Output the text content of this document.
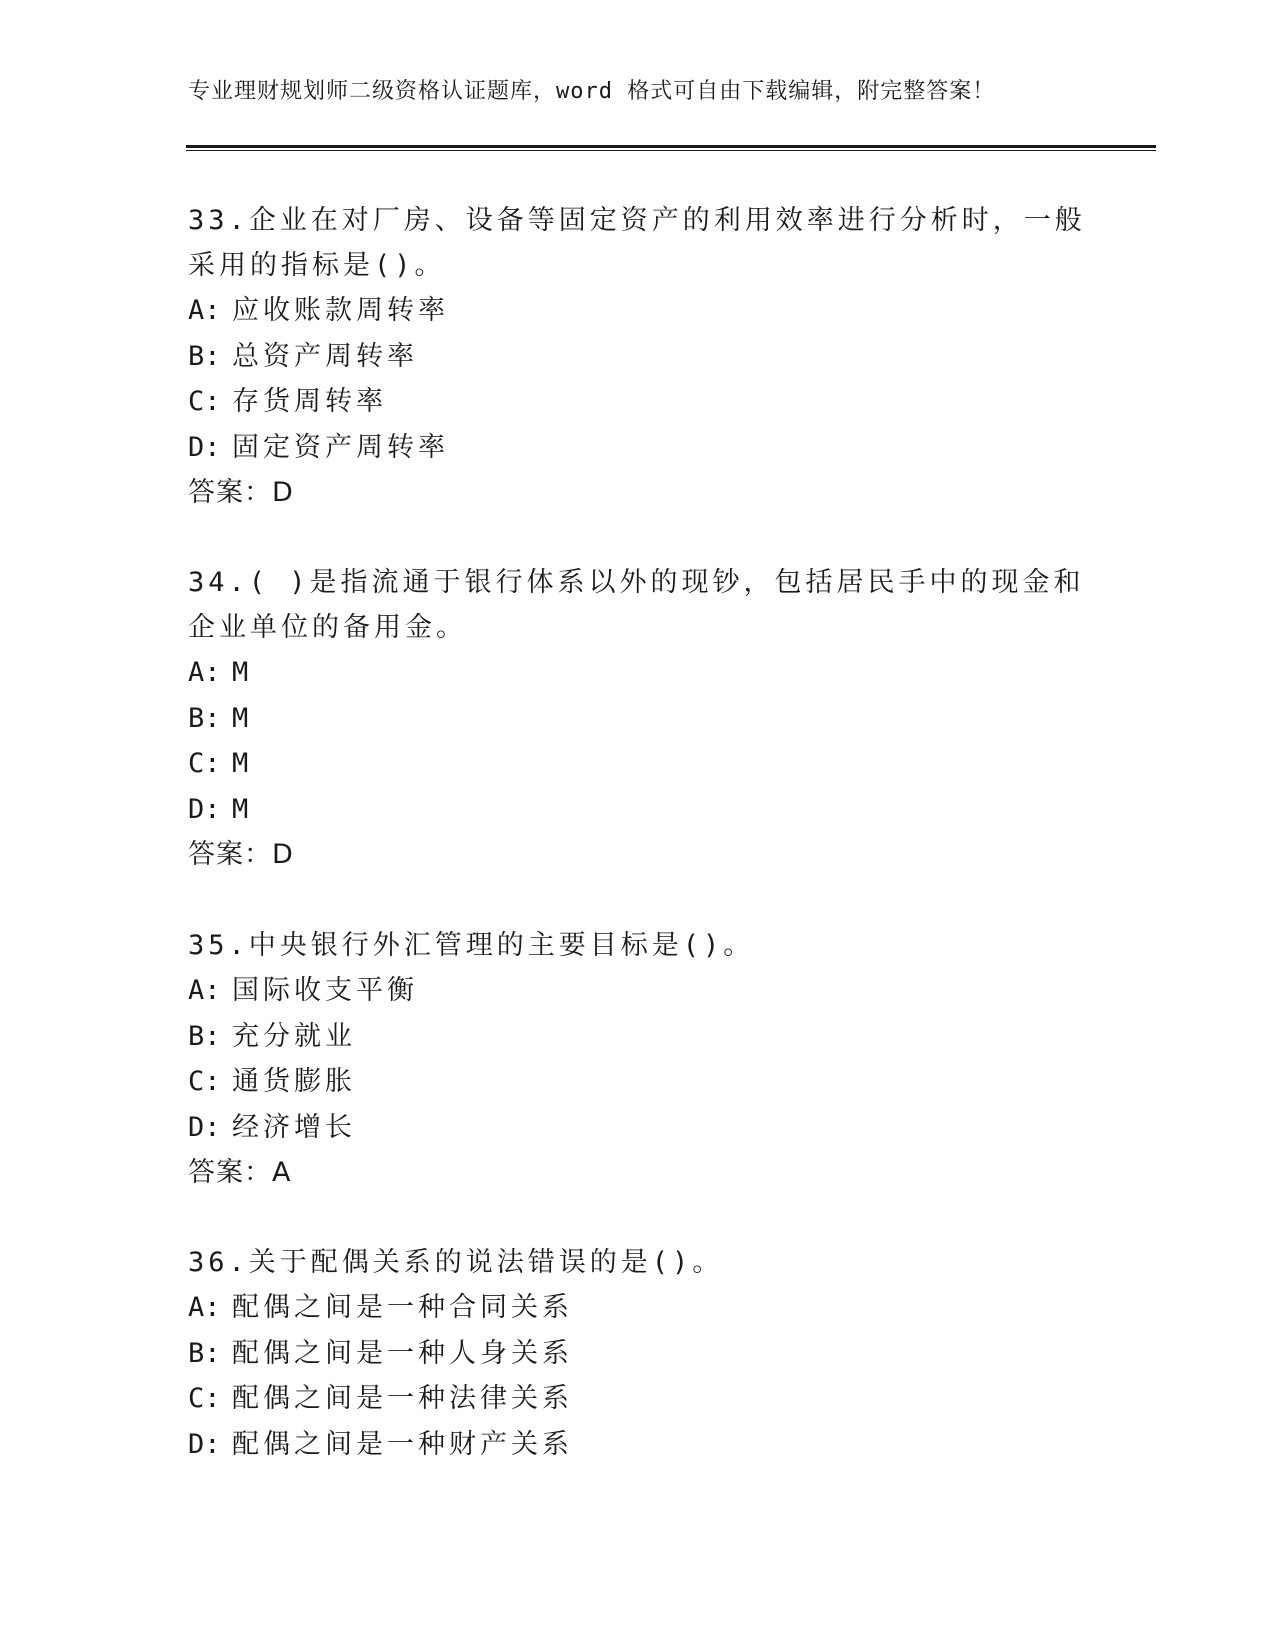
专业理财规划师二级资格认证题库，word 格式可自由下载编辑，附完整答案！

33.企业在对厂房、设备等固定资产的利用效率进行分析时，一般采用的指标是()。

A: 应收账款周转率
B: 总资产周转率
C: 存货周转率
D: 固定资产周转率
答案：D

34.( )是指流通于银行体系以外的现钞，包括居民手中的现金和企业单位的备用金。

A: M
B: M
C: M
D: M
答案：D

35.中央银行外汇管理的主要目标是()。

A: 国际收支平衡
B: 充分就业
C: 通货膨胀
D: 经济增长
答案：A

36.关于配偶关系的说法错误的是()。

A: 配偶之间是一种合同关系
B: 配偶之间是一种人身关系
C: 配偶之间是一种法律关系
D: 配偶之间是一种财产关系
